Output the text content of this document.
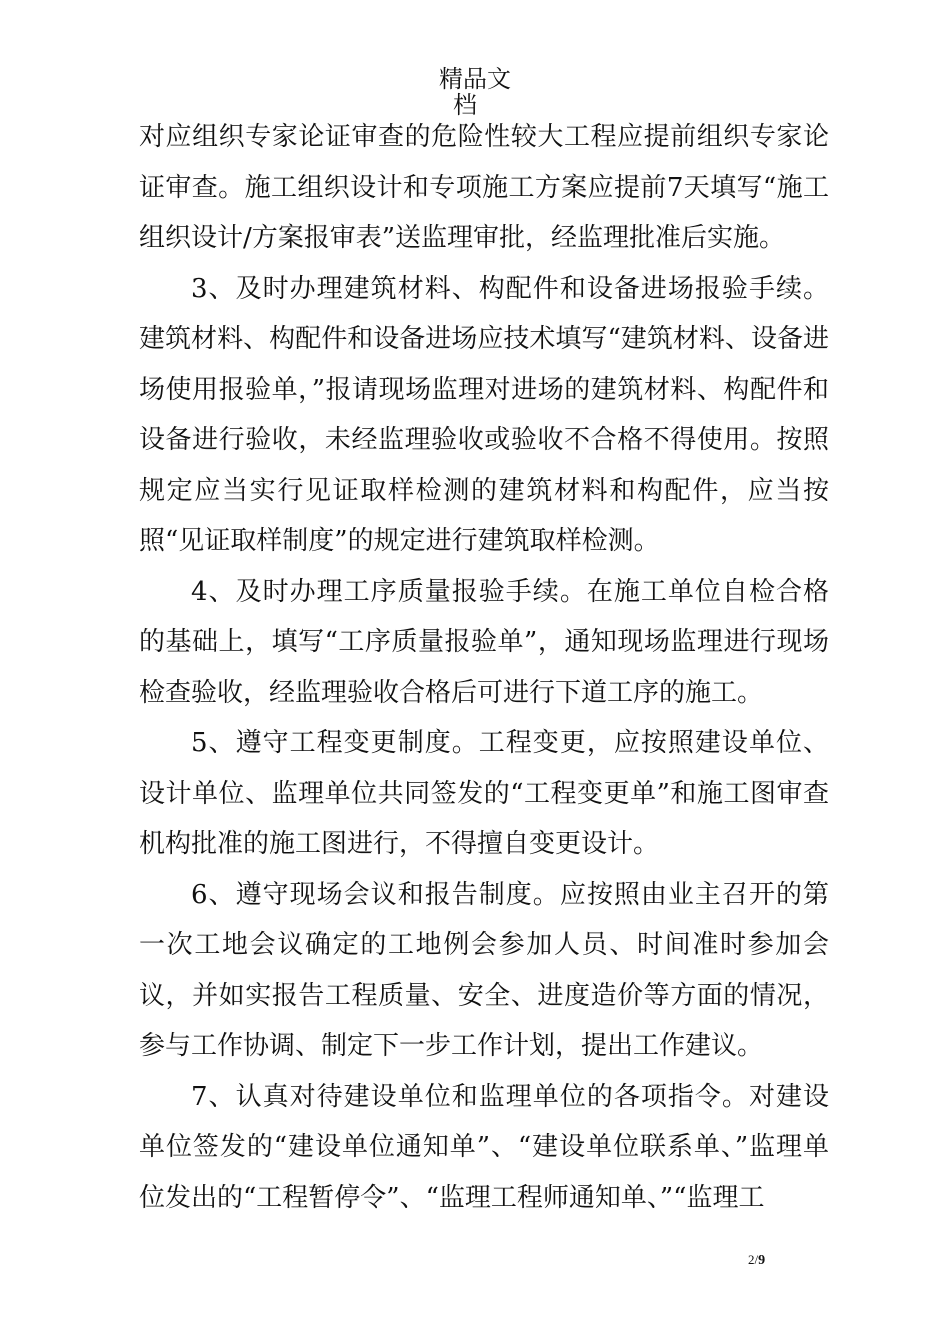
精品文
档

对应组织专家论证审查的危险性较大工程应提前组织专家论证审查。施工组织设计和专项施工方案应提前7天填写“施工组织设计/方案报审表”送监理审批，经监理批准后实施。

3、及时办理建筑材料、构配件和设备进场报验手续。建筑材料、构配件和设备进场应技术填写“建筑材料、设备进场使用报验单，”报请现场监理对进场的建筑材料、构配件和设备进行验收，未经监理验收或验收不合格不得使用。按照规定应当实行见证取样检测的建筑材料和构配件，应当按照“见证取样制度”的规定进行建筑取样检测。

4、及时办理工序质量报验手续。在施工单位自检合格的基础上，填写“工序质量报验单”，通知现场监理进行现场检查验收，经监理验收合格后可进行下道工序的施工。

5、遵守工程变更制度。工程变更，应按照建设单位、设计单位、监理单位共同签发的“工程变更单”和施工图审查机构批准的施工图进行，不得擅自变更设计。

6、遵守现场会议和报告制度。应按照由业主召开的第一次工地会议确定的工地例会参加人员、时间准时参加会议，并如实报告工程质量、安全、进度造价等方面的情况，参与工作协调、制定下一步工作计划，提出工作建议。

7、认真对待建设单位和监理单位的各项指令。对建设单位签发的“建设单位通知单”、“建设单位联系单、”监理单位发出的“工程暂停令”、“监理工程师通知单、”“监理工

2/9
